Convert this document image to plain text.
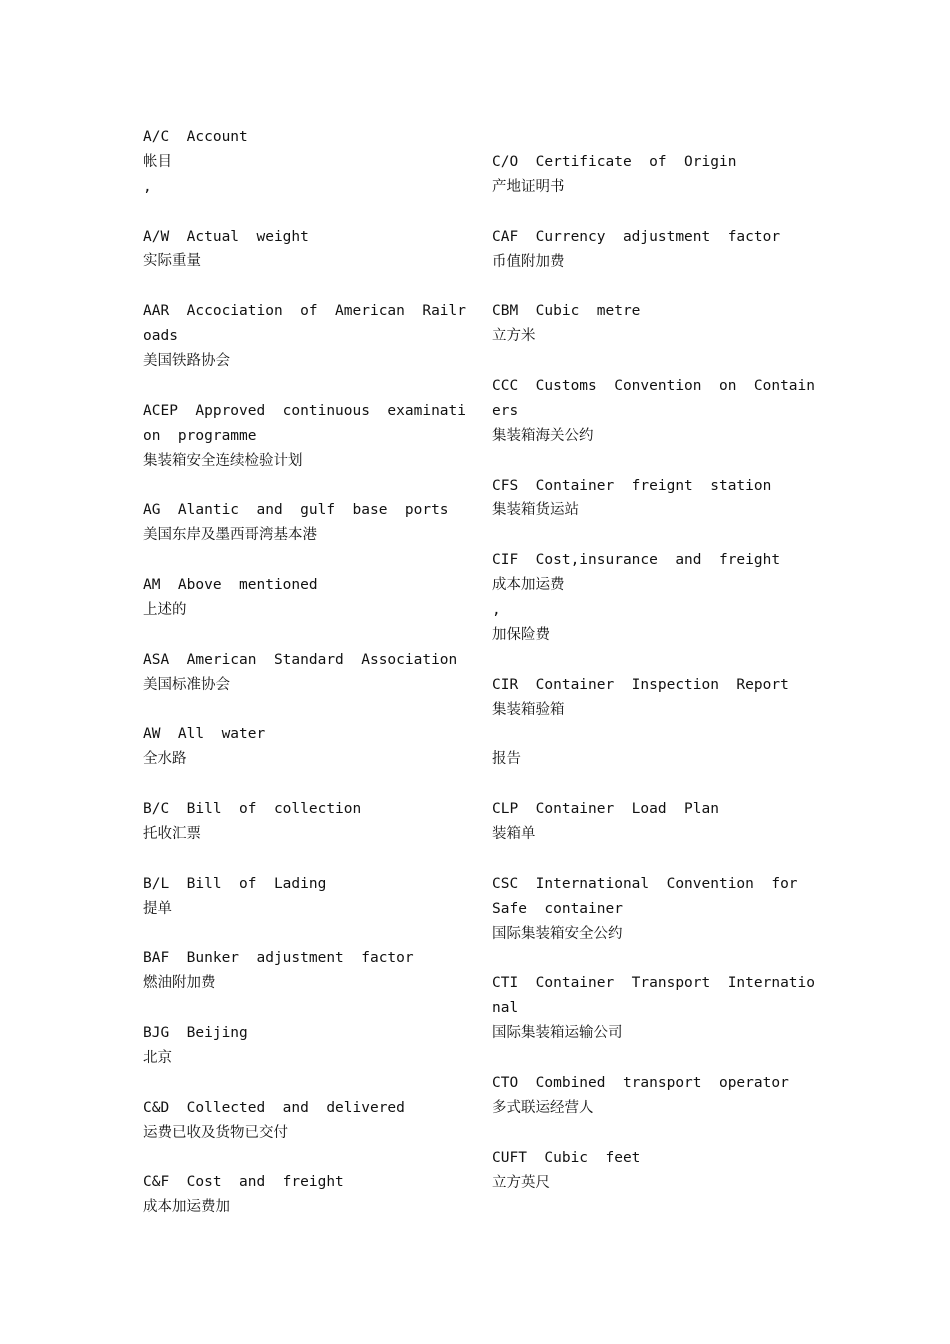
A/C  Account
帐目
,
A/W  Actual  weight
实际重量
AAR  Accociation  of  American  Railr
oads
美国铁路协会
ACEP  Approved  continuous  examinati
on  programme
集装箱安全连续检验计划
AG  Alantic  and  gulf  base  ports
美国东岸及墨西哥湾基本港
AM  Above  mentioned
上述的
ASA  American  Standard  Association
美国标准协会
AW  All  water
全水路
B/C  Bill  of  collection
托收汇票
B/L  Bill  of  Lading
提单
BAF  Bunker  adjustment  factor
燃油附加费
BJG  Beijing
北京
C&D  Collected  and  delivered
运费已收及货物已交付
C&F  Cost  and  freight
成本加运费加
C/O  Certificate  of  Origin
产地证明书
CAF  Currency  adjustment  factor
币值附加费
CBM  Cubic  metre
立方米
CCC  Customs  Convention  on  Contain
ers
集装箱海关公约
CFS  Container  freignt  station
集装箱货运站
CIF  Cost,insurance  and  freight
成本加运费
,
加保险费
CIR  Container  Inspection  Report
集装箱验箱
报告
CLP  Container  Load  Plan
装箱单
CSC  International  Convention  for
Safe  container
国际集装箱安全公约
CTI  Container  Transport  Internatio
nal
国际集装箱运输公司
CTO  Combined  transport  operator
多式联运经营人
CUFT  Cubic  feet
立方英尺
